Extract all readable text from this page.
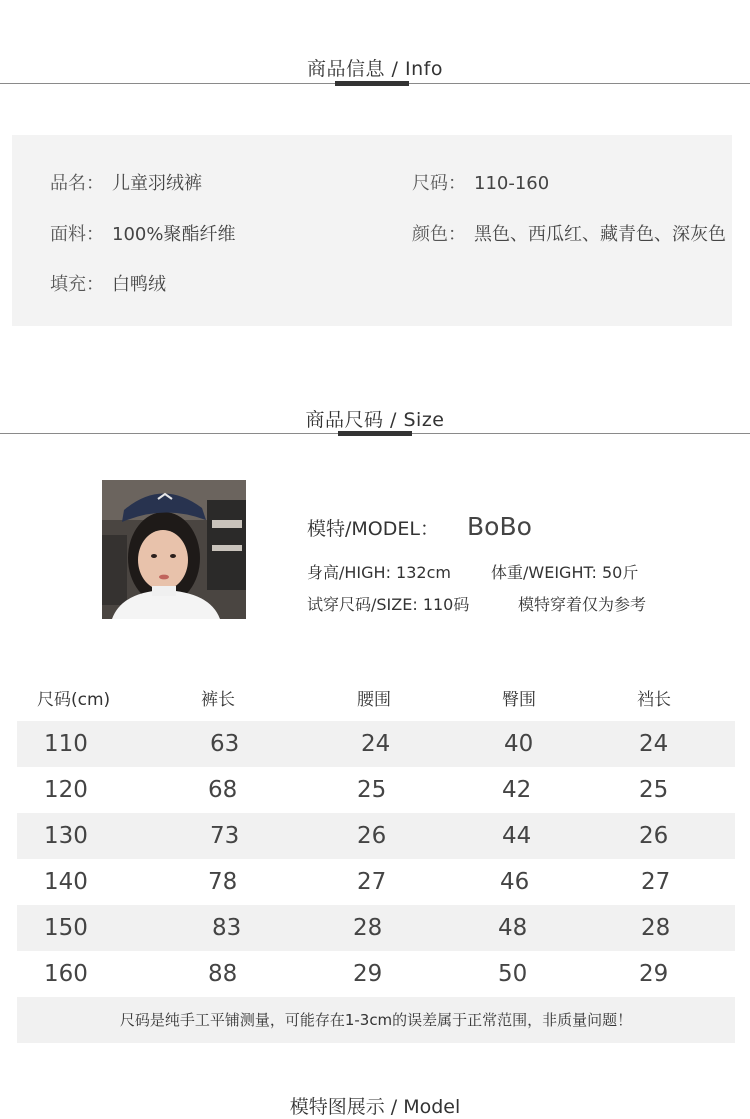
商品信息 / Info
品名： 儿童羽绒裤	尺码： 110-160
面料： 100%聚酯纤维	颜色： 黑色、西瓜红、藏青色、深灰色
填充： 白鸭绒
商品尺码 / Size
模特/MODEL： BoBo
身高/HIGH: 132cm	体重/WEIGHT: 50斤
试穿尺码/SIZE: 110码	模特穿着仅为参考
尺码(cm)	裤长	腰围	臀围	裆长
110	63	24	40	24
120	68	25	42	25
130	73	26	44	26
140	78	27	46	27
150	83	28	48	28
160	88	29	50	29
尺码是纯手工平铺测量，可能存在1-3cm的误差属于正常范围，非质量问题！
模特图展示 / Model
